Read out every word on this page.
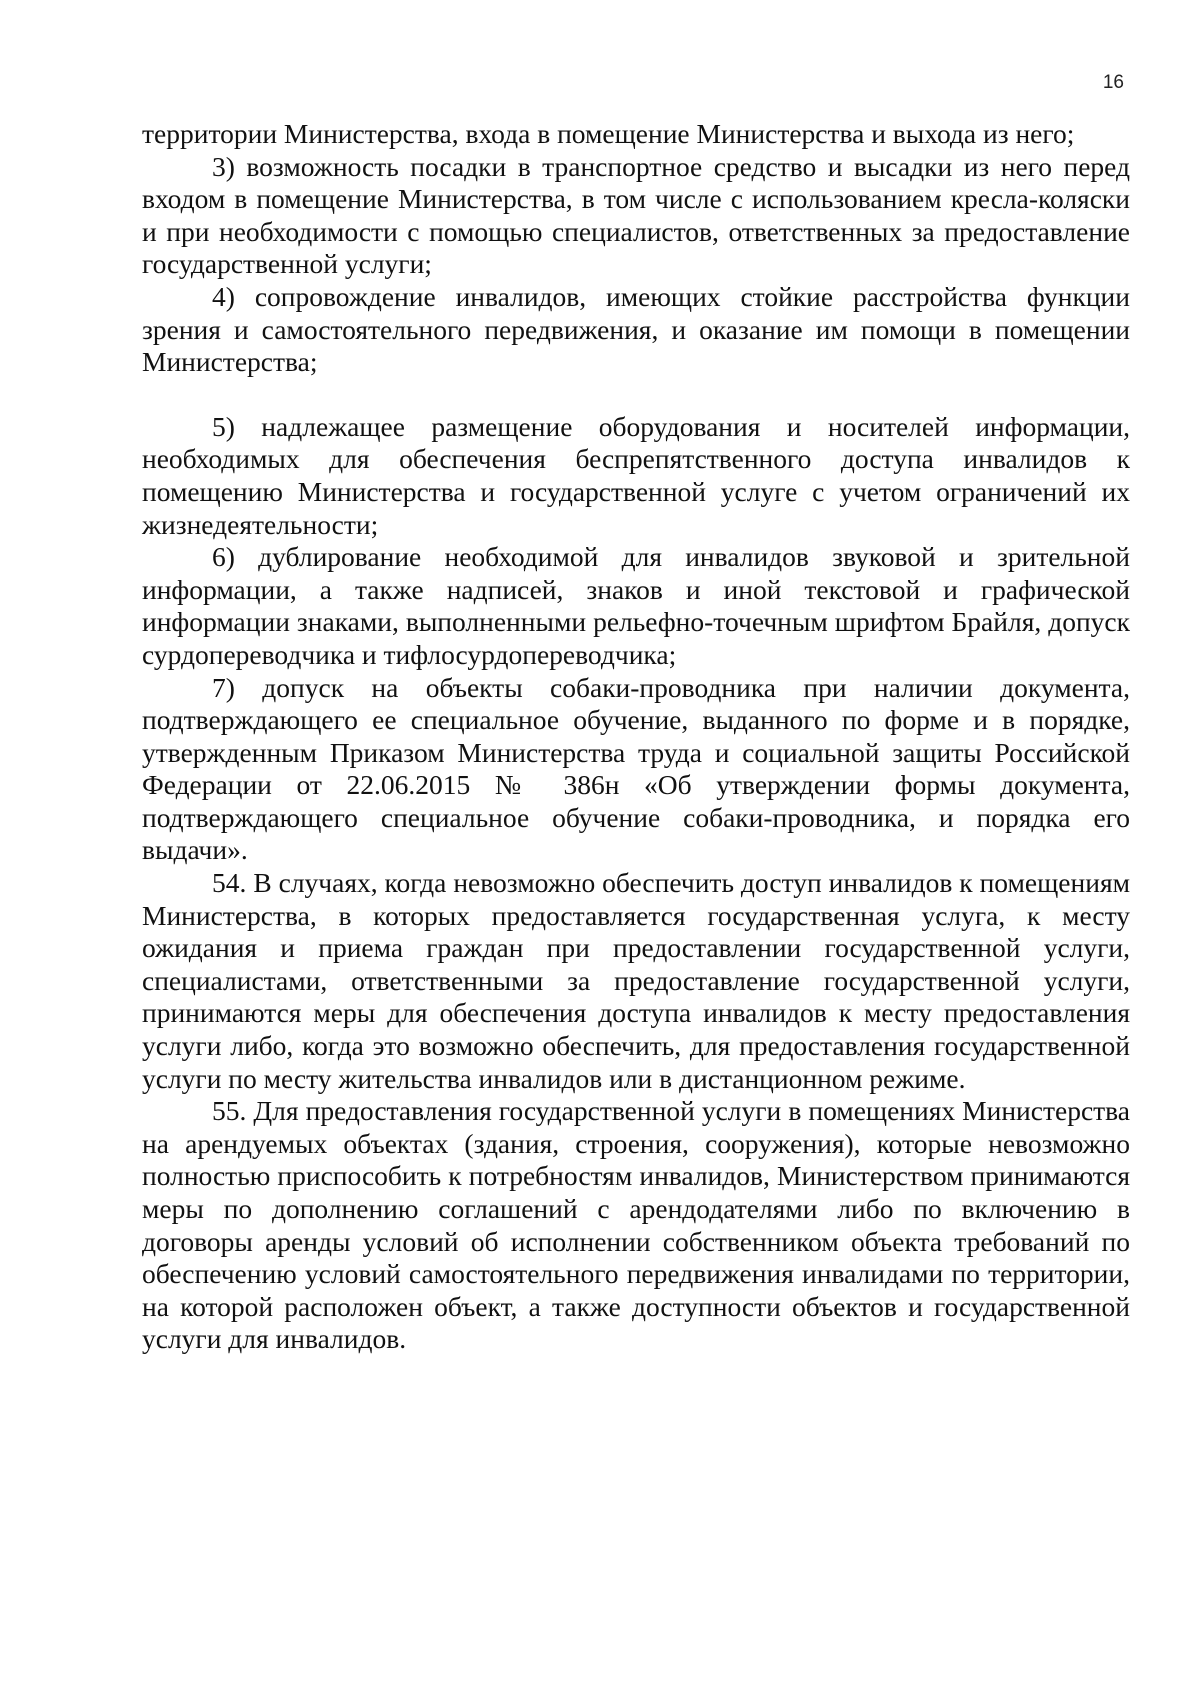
16

территории Министерства, входа в помещение Министерства и выхода из него;

3) возможность посадки в транспортное средство и высадки из него перед входом в помещение Министерства, в том числе с использованием кресла-коляски и при необходимости с помощью специалистов, ответственных за предоставление государственной услуги;

4) сопровождение инвалидов, имеющих стойкие расстройства функции зрения и самостоятельного передвижения, и оказание им помощи в помещении Министерства;

5) надлежащее размещение оборудования и носителей информации, необходимых для обеспечения беспрепятственного доступа инвалидов к помещению Министерства и государственной услуге с учетом ограничений их жизнедеятельности;

6) дублирование необходимой для инвалидов звуковой и зрительной информации, а также надписей, знаков и иной текстовой и графической информации знаками, выполненными рельефно-точечным шрифтом Брайля, допуск сурдопереводчика и тифлосурдопереводчика;

7) допуск на объекты собаки-проводника при наличии документа, подтверждающего ее специальное обучение, выданного по форме и в порядке, утвержденным Приказом Министерства труда и социальной защиты Российской Федерации от 22.06.2015 № 386н «Об утверждении формы документа, подтверждающего специальное обучение собаки-проводника, и порядка его выдачи».

54. В случаях, когда невозможно обеспечить доступ инвалидов к помещениям Министерства, в которых предоставляется государственная услуга, к месту ожидания и приема граждан при предоставлении государственной услуги, специалистами, ответственными за предоставление государственной услуги, принимаются меры для обеспечения доступа инвалидов к месту предоставления услуги либо, когда это возможно обеспечить, для предоставления государственной услуги по месту жительства инвалидов или в дистанционном режиме.

55. Для предоставления государственной услуги в помещениях Министерства на арендуемых объектах (здания, строения, сооружения), которые невозможно полностью приспособить к потребностям инвалидов, Министерством принимаются меры по дополнению соглашений с арендодателями либо по включению в договоры аренды условий об исполнении собственником объекта требований по обеспечению условий самостоятельного передвижения инвалидами по территории, на которой расположен объект, а также доступности объектов и государственной услуги для инвалидов.
